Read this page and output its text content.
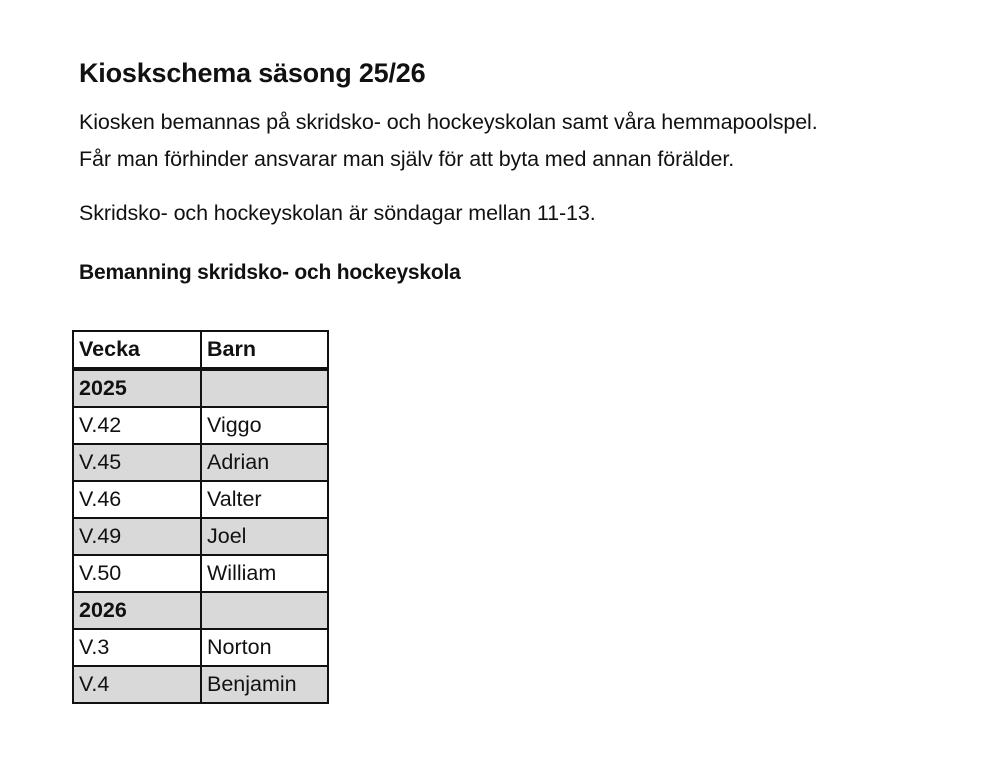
Kioskschema säsong 25/26
Kiosken bemannas på skridsko- och hockeyskolan samt våra hemmapoolspel.
Får man förhinder ansvarar man själv för att byta med annan förälder.
Skridsko- och hockeyskolan är söndagar mellan 11-13.
Bemanning skridsko- och hockeyskola
Vecka	Barn
2025	
V.42	Viggo
V.45	Adrian
V.46	Valter
V.49	Joel
V.50	William
2026	
V.3	Norton
V.4	Benjamin
